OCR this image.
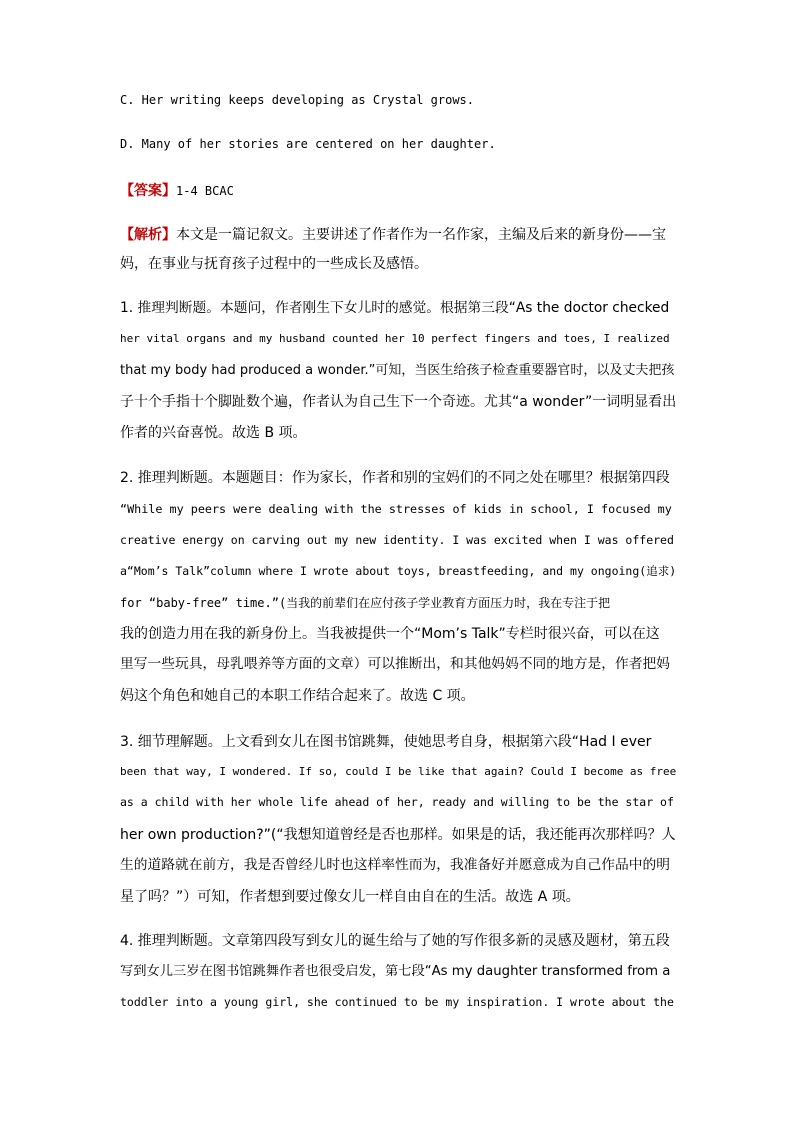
C. Her writing keeps developing as Crystal grows.
D. Many of her stories are centered on her daughter.
【答案】1-4 BCAC
【解析】本文是一篇记叙文。主要讲述了作者作为一名作家，主编及后来的新身份——宝
妈，在事业与抚育孩子过程中的一些成长及感悟。
1. 推理判断题。本题问，作者刚生下女儿时的感觉。根据第三段“As the doctor checked
her vital organs and my husband counted her 10 perfect fingers and toes, I realized
that my body had produced a wonder.”可知，当医生给孩子检查重要器官时，以及丈夫把孩
子十个手指十个脚趾数个遍，作者认为自己生下一个奇迹。尤其“a wonder”一词明显看出
作者的兴奋喜悦。故选 B 项。
2. 推理判断题。本题题目：作为家长，作者和别的宝妈们的不同之处在哪里？根据第四段
“While my peers were dealing with the stresses of kids in school, I focused my
creative energy on carving out my new identity. I was excited when I was offered
a“Mom’s Talk”column where I wrote about toys, breastfeeding, and my ongoing(追求)
for “baby-free” time.”(当我的前辈们在应付孩子学业教育方面压力时，我在专注于把
我的创造力用在我的新身份上。当我被提供一个“Mom’s Talk”专栏时很兴奋，可以在这
里写一些玩具，母乳喂养等方面的文章）可以推断出，和其他妈妈不同的地方是，作者把妈
妈这个角色和她自己的本职工作结合起来了。故选 C 项。
3. 细节理解题。上文看到女儿在图书馆跳舞，使她思考自身，根据第六段“Had I ever
been that way, I wondered. If so, could I be like that again? Could I become as free
as a child with her whole life ahead of her, ready and willing to be the star of
her own production?”(“我想知道曾经是否也那样。如果是的话，我还能再次那样吗？人
生的道路就在前方，我是否曾经儿时也这样率性而为，我准备好并愿意成为自己作品中的明
星了吗？”）可知，作者想到要过像女儿一样自由自在的生活。故选 A 项。
4. 推理判断题。文章第四段写到女儿的诞生给与了她的写作很多新的灵感及题材，第五段
写到女儿三岁在图书馆跳舞作者也很受启发，第七段“As my daughter transformed from a
toddler into a young girl, she continued to be my inspiration. I wrote about the
